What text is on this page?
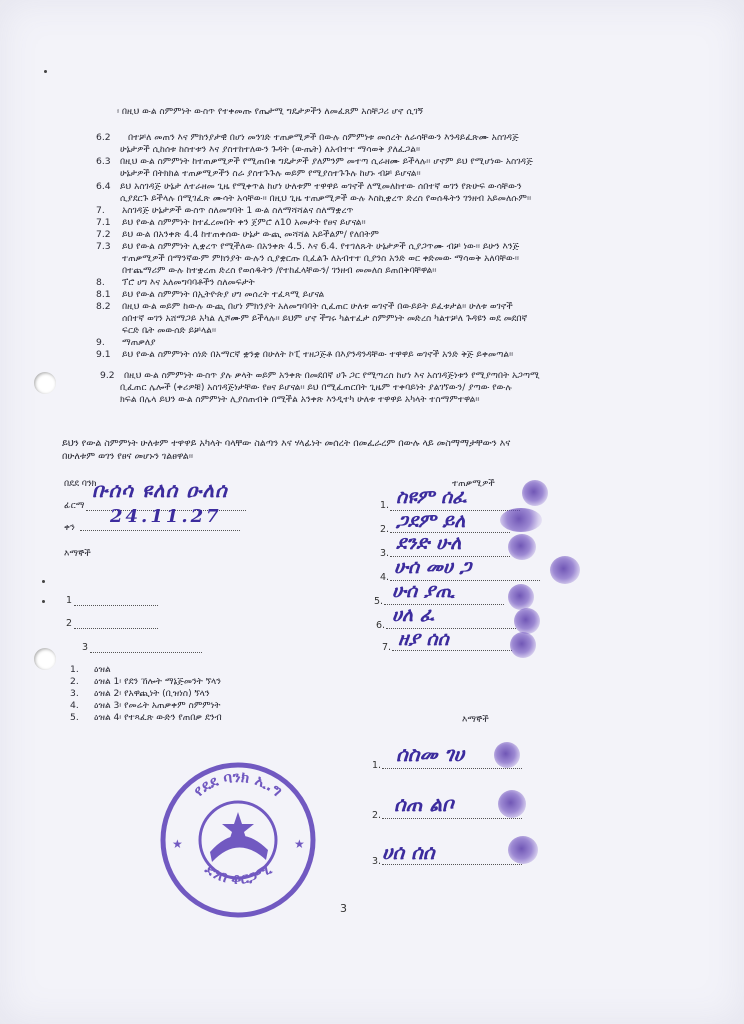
፡ በዚህ ውል ስምምነት ውስጥ የተቀመጡ የጤታሚ ግዴታዎችን ለመፈጸም አስቸጋሪ ሆኖ ሲገኝ
6.2 በተቻለ መጠን እና ምክንያታዊ በሆነ መንገድ ተጠቃሚዎች በውሉ ስምምነቱ መሰረት ለራሳቸውን እንዳይፈጽሙ አስገዳጅ
ሁኔታዎች ሲከሰቱ ከስተቱን እና ያስተከተለውን ጉዳት (ውጤት) ለአብተተ ማሳወቅ ያለፈጋል፡፡
6.3 በዚህ ውል ስምምነት ከተጠቃሚዎች የሚጠበቁ ግዴታዎች ያለምንም መተጣ ሲራዘሙ ይችላሉ፡፡ ሆኖም ይህ የሚሆነው አስገዳጅ
ሁኔታዎች በትክክል ተጠቃሚዎችን ስራ ያስተጉጉሉ ወይም የሚያስተጉጉሉ ከሆኑ ብቻ ይሆናል፡፡
6.4 ይህ አስገዳጅ ሁኔታ ለተራዘመ ጊዜ የሚቀጥል ከሆነ ሁለቱም ተዋዋይ ወገኖች ለሚመለከተው ሰበተኛ ወገን የጽሁፍ ውሳቸውን
ሲያደርጉ ይችላሉ በሚገፈጽ ሙሳት አሳቸው፡፡ በዚህ ጊዜ ተጠቃሚዎች ውሉ እስኪቋረጥ ድረስ የወሰዱትን ገንዘብ አይመለሱም፡፡
7. አስገዳጅ ሁኔታዎች ውስጥ ስለመግባት 1 ውል ስለማሻሻልና ስለማቋረጥ
7.1 ይህ የውል ስምምነት ከተፈረመበት ቀን ጀምሮ ለ10 አመታት የፀና ይሆናል፡፡
7.2 ይህ ውል በአንቀጽ 4.4 ከተጠቀሰው ሁኔታ ውጪ መሻሻል አይችልም/ የለበትም
7.3 ይህ የውል ስምምነት ሊቋረጥ የሚችለው በአንቀጽ 4.5. እና 6.4. የተገለጹት ሁኔታዎች ሲያጋጥሙ ብቻ ነው፡፡ ይሁን እንጅ
ተጠቃሚዎች በማንኛውም ምክንያት ውሉን ሲያቋርጡ ቢፈልጉ ለአብተተ ቢያንስ አንድ ወር ቀድመው ማሳወቅ አለባቸው፡፡
በተጨማሪም ውሉ ከተቋረጠ ድረስ የወሰዱትን /የተከፈላቸውን/ ገንዘብ መመለስ ይጠበቅባቸዋል፡፡
8. ፕሮ ሀግ እና አለመግባባቶችን ስለመፍታት
8.1 ይህ የውል ስምምነት በኢትዮጵያ ሀግ መሰረት ተፈጻሚ ይሆናል
8.2 በዚህ ውል ወይም ከውሉ ውጪ በሆነ ምክንያት አለመግባባት ሲፈጠር ሁለቱ ወገኖች በውይይት ይፈቱታል፡፡ ሁለቱ ወገኖች
ሰበተኛ ወገን አሸማጋይ አካል ሊሾሙም ይችላሉ፡፡ ይህም ሆኖ ችግሩ ካልተፈታ ስምምነት መድረስ ካልተቻለ ጉዳዩን ወደ መደበኛ
ፍርድ ቤት መውሰድ ይቻላል፡፡
9. ማጠቃለያ
9.1 ይህ የውል ስምምነት ሰነድ በአማርኛ ቋንቋ በሁለት ኮፒ ተዘጋጅቶ በእያንዳንዳቸው ተዋዋይ ወገኖች አንድ ቅጅ ይቀመጣል፡፡
9.2 በዚህ ውል ስምምነት ውስጥ ያሉ ቃላት ወይም አንቀጽ በመደበኛ ሀጉ ጋር የሚጣረስ ከሆነ እና አስገዳጅነቱን የሚያጣበት አጋጣሚ
ቢፈጠር ሌሎች (ቀሪዎቹ) አስገዳጅነታቸው የፀና ይሆናል፡፡ ይህ በሚፈጠርበት ጊዜም ተቀባይነት ያልገኘውን/ ያጣው የውሉ
ክፍል በሌላ ይህን ውል ስምምነት ሊያስጠብቅ በሚችል አንቀጽ እንዲተካ ሁለቱ ተዋዋይ አካላት ተስማምተዋል፡፡
ይህን የውል ስምምነት ሁለቱም ተዋዋይ አካላት ባላቸው ስልጣን እና ሃላፊነት መሰረት በመፈራረም በውሉ ላይ መስማማታቸውን እና
በሁለቱም ወገን የፀና መሆኑን ገልፀዋል፡፡
በደደ ባንክ
ፊርማ
ቡሰሳ ዩለሰ ዑለሰ
ቀን
24.11.27
እማኞች
1
2
3
ተጠቃሚዎች
1. ስዩም ሰፈ
2. ጋደም ይለ
3. ደንድ ሁለ
4. ሁሰ መሀ ጋ
5. ሁሰ ያጢ
6. ሀለ ፈ
7. ዘያ ሰሰ
1. ዕዝል
2. ዕዝል 1፡ የደን ኸሎት ማኔጅመንት ኘላን
3. ዕዝል 2፡ የአዋጪነት (ቢዝነስ) ኘላን
4. ዕዝል 3፡ የመሬት አጠቃቀም ስምምነት
5. ዕዝል 4፡ የተጻፈጽ ውድን የጠበቃ ደንብ	እማኞች
1. ሰስመ ገሀ
2. ሰጠ ልቦ
3. ሀሰ ሰሰ
የደደ ባንክ ኢ.ግ
ደንበ ቆርጋሚ
★	★
3
